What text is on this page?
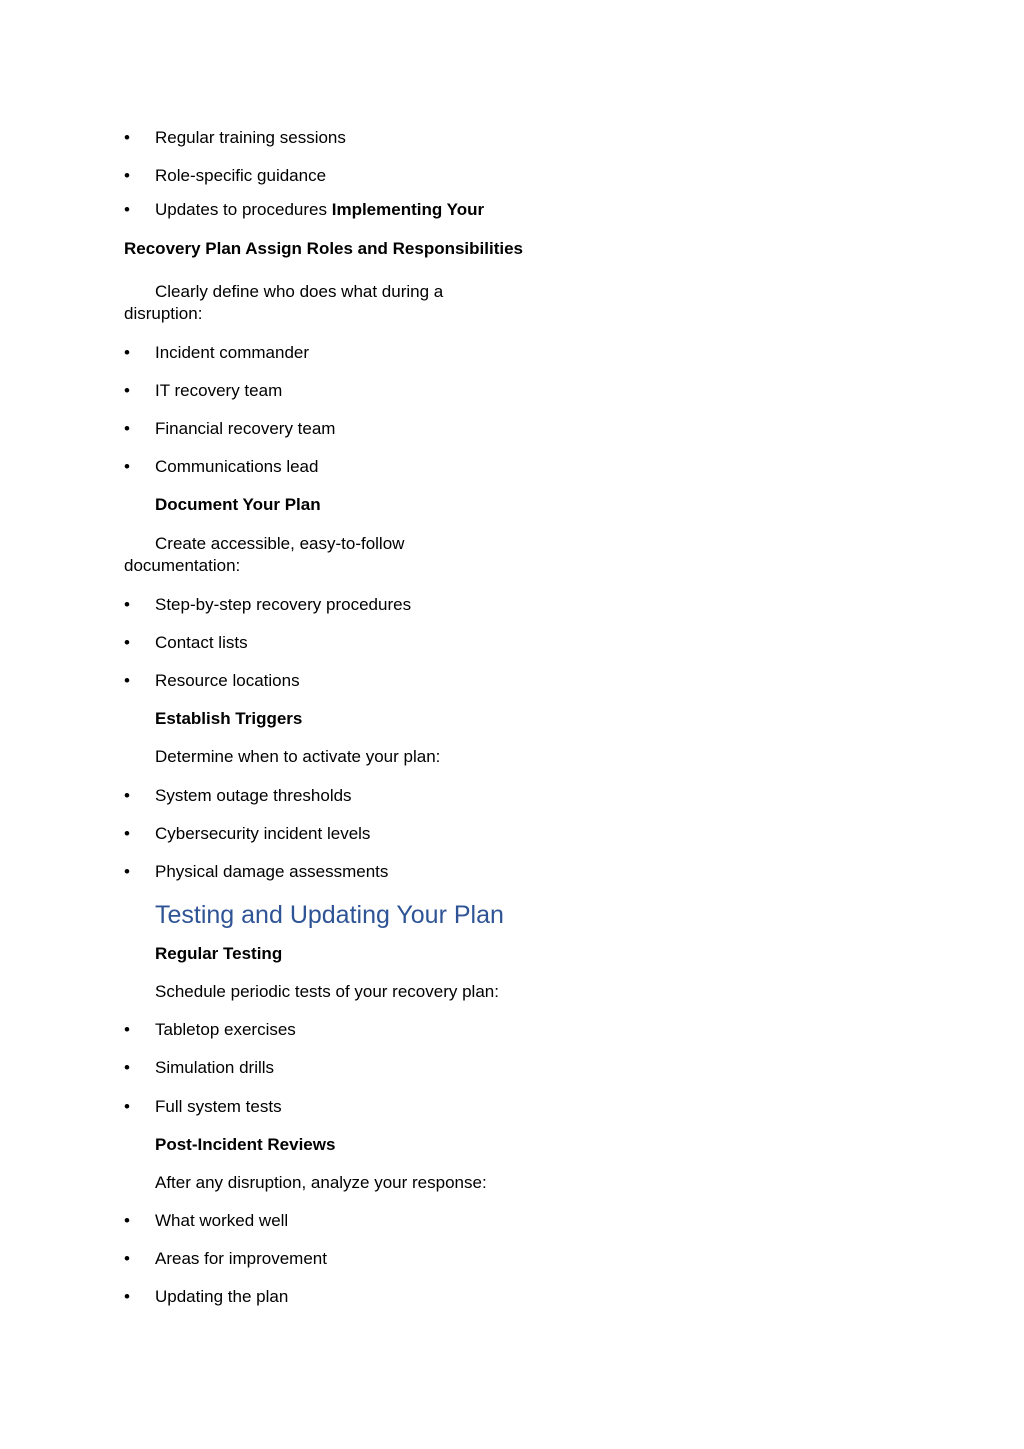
•	Regular training sessions
•	Role-specific guidance
•	Updates to procedures Implementing Your
Recovery Plan Assign Roles and Responsibilities
Clearly define who does what during a disruption:
•	Incident commander
•	IT recovery team
•	Financial recovery team
•	Communications lead
Document Your Plan
Create accessible, easy-to-follow documentation:
•	Step-by-step recovery procedures
•	Contact lists
•	Resource locations
Establish Triggers
Determine when to activate your plan:
•	System outage thresholds
•	Cybersecurity incident levels
•	Physical damage assessments
Testing and Updating Your Plan
Regular Testing
Schedule periodic tests of your recovery plan:
•	Tabletop exercises
•	Simulation drills
•	Full system tests
Post-Incident Reviews
After any disruption, analyze your response:
•	What worked well
•	Areas for improvement
•	Updating the plan
